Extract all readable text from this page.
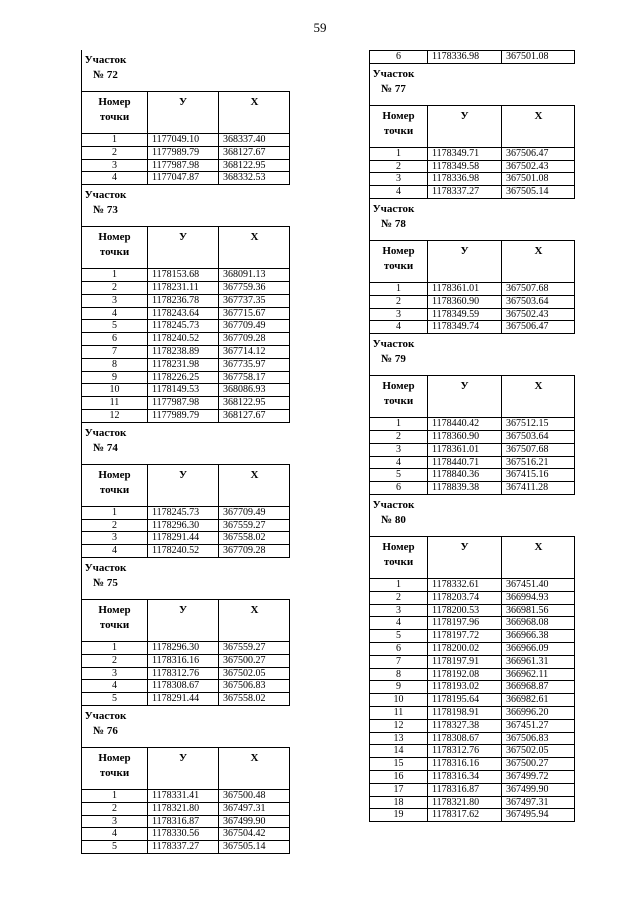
59
Участок
№ 72
Номер
точки
У	Х
1	1177049.10	368337.40
2	1177989.79	368127.67
3	1177987.98	368122.95
4	1177047.87	368332.53
Участок
№ 73
Номер
точки
У	Х
1	1178153.68	368091.13
2	1178231.11	367759.36
3	1178236.78	367737.35
4	1178243.64	367715.67
5	1178245.73	367709.49
6	1178240.52	367709.28
7	1178238.89	367714.12
8	1178231.98	367735.97
9	1178226.25	367758.17
10	1178149.53	368086.93
11	1177987.98	368122.95
12	1177989.79	368127.67
Участок
№ 74
Номер
точки
У	Х
1	1178245.73	367709.49
2	1178296.30	367559.27
3	1178291.44	367558.02
4	1178240.52	367709.28
Участок
№ 75
Номер
точки
У	Х
1	1178296.30	367559.27
2	1178316.16	367500.27
3	1178312.76	367502.05
4	1178308.67	367506.83
5	1178291.44	367558.02
Участок
№ 76
Номер
точки
У	Х
1	1178331.41	367500.48
2	1178321.80	367497.31
3	1178316.87	367499.90
4	1178330.56	367504.42
5	1178337.27	367505.14
6	1178336.98	367501.08
Участок
№ 77
Номер
точки
У	Х
1	1178349.71	367506.47
2	1178349.58	367502.43
3	1178336.98	367501.08
4	1178337.27	367505.14
Участок
№ 78
Номер
точки
У	Х
1	1178361.01	367507.68
2	1178360.90	367503.64
3	1178349.59	367502.43
4	1178349.74	367506.47
Участок
№ 79
Номер
точки
У	Х
1	1178440.42	367512.15
2	1178360.90	367503.64
3	1178361.01	367507.68
4	1178440.71	367516.21
5	1178840.36	367415.16
6	1178839.38	367411.28
Участок
№ 80
Номер
точки
У	Х
1	1178332.61	367451.40
2	1178203.74	366994.93
3	1178200.53	366981.56
4	1178197.96	366968.08
5	1178197.72	366966.38
6	1178200.02	366966.09
7	1178197.91	366961.31
8	1178192.08	366962.11
9	1178193.02	366968.87
10	1178195.64	366982.61
11	1178198.91	366996.20
12	1178327.38	367451.27
13	1178308.67	367506.83
14	1178312.76	367502.05
15	1178316.16	367500.27
16	1178316.34	367499.72
17	1178316.87	367499.90
18	1178321.80	367497.31
19	1178317.62	367495.94
